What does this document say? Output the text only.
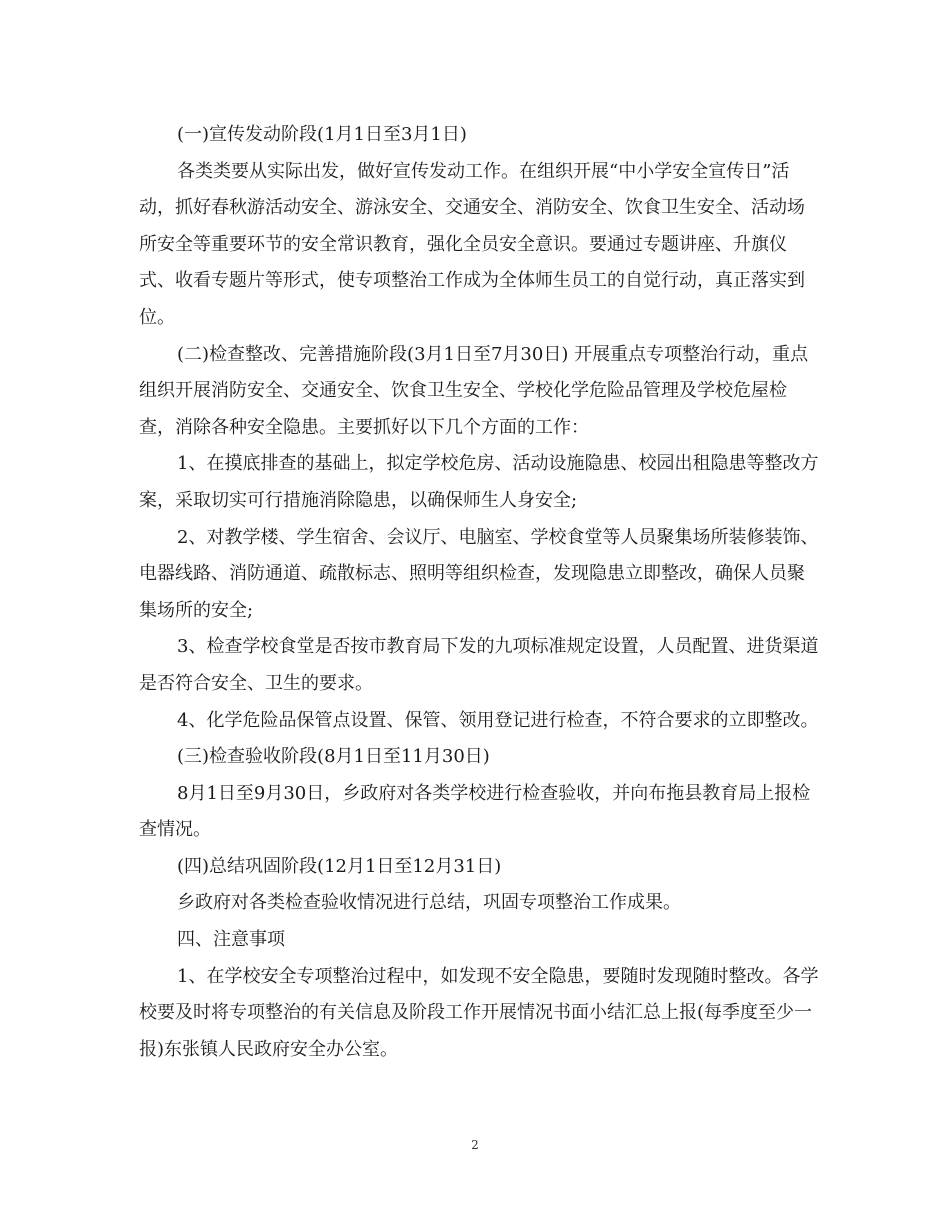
(一)宣传发动阶段(1月1日至3月1日)

各类类要从实际出发，做好宣传发动工作。在组织开展“中小学安全宣传日”活动，抓好春秋游活动安全、游泳安全、交通安全、消防安全、饮食卫生安全、活动场所安全等重要环节的安全常识教育，强化全员安全意识。要通过专题讲座、升旗仪式、收看专题片等形式，使专项整治工作成为全体师生员工的自觉行动，真正落实到位。

(二)检查整改、完善措施阶段(3月1日至7月30日) 开展重点专项整治行动，重点组织开展消防安全、交通安全、饮食卫生安全、学校化学危险品管理及学校危屋检查，消除各种安全隐患。主要抓好以下几个方面的工作：

1、在摸底排查的基础上，拟定学校危房、活动设施隐患、校园出租隐患等整改方案，采取切实可行措施消除隐患，以确保师生人身安全;

2、对教学楼、学生宿舍、会议厅、电脑室、学校食堂等人员聚集场所装修装饰、电器线路、消防通道、疏散标志、照明等组织检查，发现隐患立即整改，确保人员聚集场所的安全;

3、检查学校食堂是否按市教育局下发的九项标准规定设置，人员配置、进货渠道是否符合安全、卫生的要求。

4、化学危险品保管点设置、保管、领用登记进行检查，不符合要求的立即整改。

(三)检查验收阶段(8月1日至11月30日)

8月1日至9月30日，乡政府对各类学校进行检查验收，并向布拖县教育局上报检查情况。

(四)总结巩固阶段(12月1日至12月31日)

乡政府对各类检查验收情况进行总结，巩固专项整治工作成果。

四、注意事项

1、在学校安全专项整治过程中，如发现不安全隐患，要随时发现随时整改。各学校要及时将专项整治的有关信息及阶段工作开展情况书面小结汇总上报(每季度至少一报)东张镇人民政府安全办公室。

2
